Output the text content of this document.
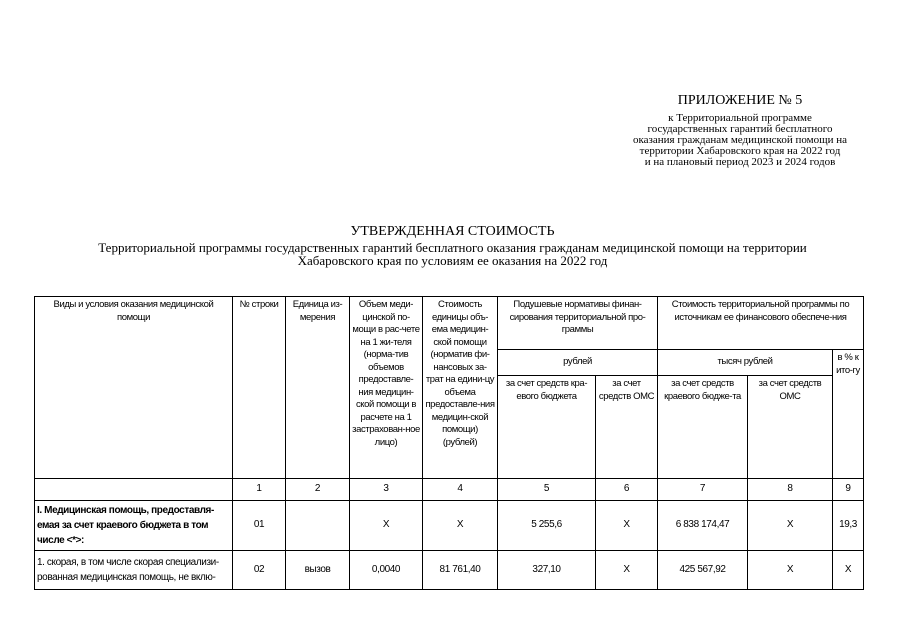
ПРИЛОЖЕНИЕ № 5
к Территориальной программе
государственных гарантий бесплатного
оказания гражданам медицинской помощи на
территории Хабаровского края на 2022 год
и на плановый период 2023 и 2024 годов
УТВЕРЖДЕННАЯ СТОИМОСТЬ
Территориальной программы государственных гарантий бесплатного оказания гражданам медицинской помощи на территории Хабаровского края по условиям ее оказания на 2022 год
Виды и условия оказания медицинской помощи	№ строки	Единица из-мерения	Объем меди-цинской по-мощи в рас-чете на 1 жи-теля (норма-тив объемов предоставле-ния медицин-ской помощи в расчете на 1 застрахован-ное лицо)	Стоимость единицы объ-ема медицин-ской помощи (норматив фи-нансовых за-трат на едини-цу объема предоставле-ния медицин-ской помощи) (рублей)	Подушевые нормативы финан-сирования территориальной про-граммы		Стоимость территориальной программы по источникам ее финансового обеспече-ния		
					рублей		тысяч рублей		в % к ито-гу
					за счет средств кра-евого бюджета	за счет средств ОМС	за счет средств краевого бюдже-та	за счет средств ОМС	
	1	2	3	4	5	6	7	8	9
I. Медицинская помощь, предоставля-емая за счет краевого бюджета в том числе <*>:	01		Х	Х	5 255,6	Х	6 838 174,47	Х	19,3
1. скорая, в том числе скорая специализи-рованная медицинская помощь, не вклю-	02	вызов	0,0040	81 761,40	327,10	Х	425 567,92	Х	Х
